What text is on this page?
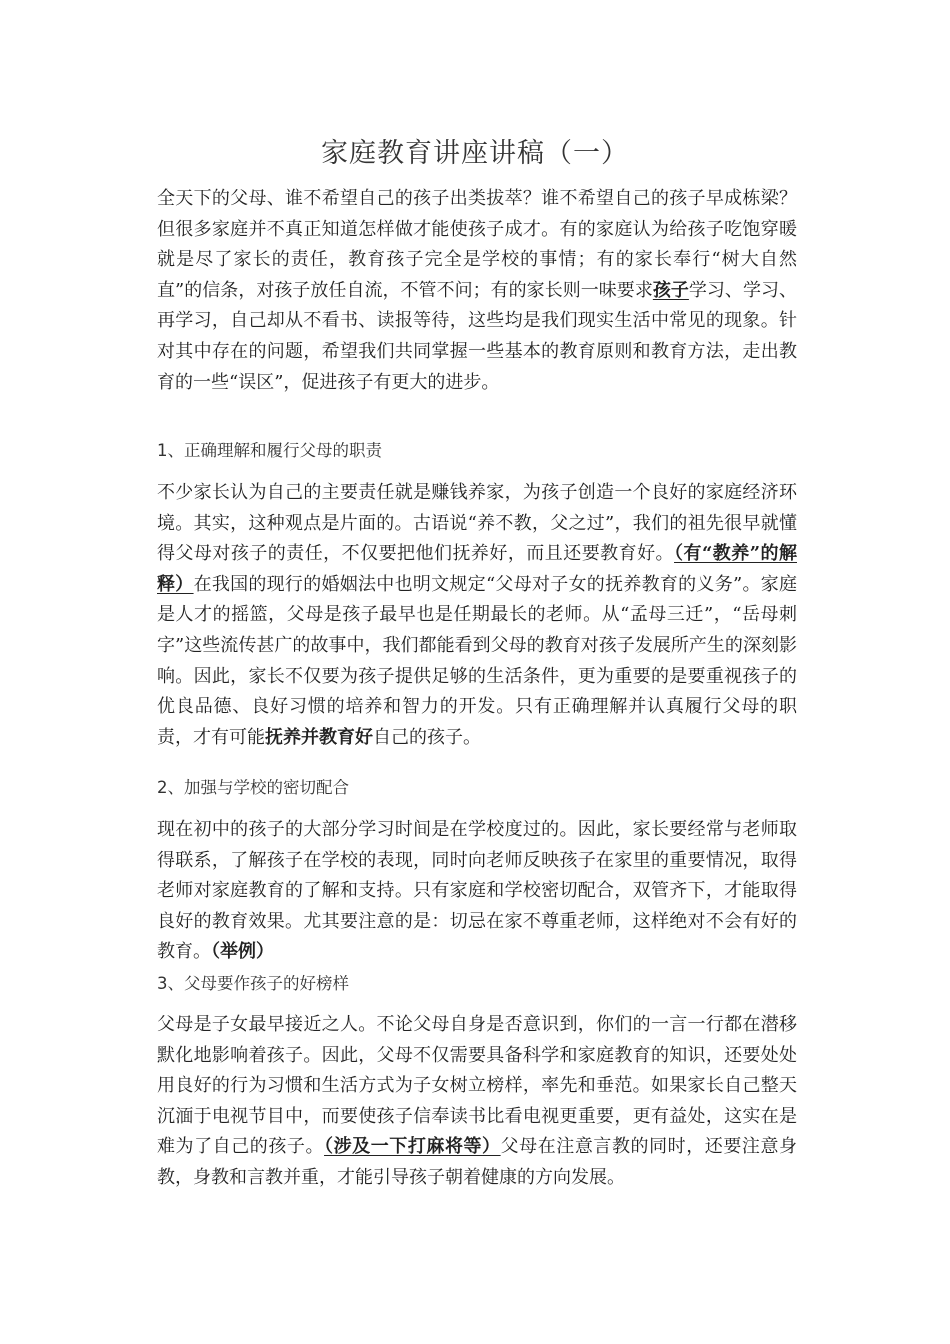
家庭教育讲座讲稿（一）

全天下的父母、谁不希望自己的孩子出类拔萃？谁不希望自己的孩子早成栋梁？但很多家庭并不真正知道怎样做才能使孩子成才。有的家庭认为给孩子吃饱穿暖就是尽了家长的责任，教育孩子完全是学校的事情；有的家长奉行“树大自然直”的信条，对孩子放任自流，不管不问；有的家长则一味要求孩子学习、学习、再学习，自己却从不看书、读报等待，这些均是我们现实生活中常见的现象。针对其中存在的问题，希望我们共同掌握一些基本的教育原则和教育方法，走出教育的一些“误区”，促进孩子有更大的进步。

1、正确理解和履行父母的职责

不少家长认为自己的主要责任就是赚钱养家，为孩子创造一个良好的家庭经济环境。其实，这种观点是片面的。古语说“养不教，父之过”，我们的祖先很早就懂得父母对孩子的责任，不仅要把他们抚养好，而且还要教育好。（有“教养”的解释）在我国的现行的婚姻法中也明文规定“父母对子女的抚养教育的义务”。家庭是人才的摇篮，父母是孩子最早也是任期最长的老师。从“孟母三迁”，“岳母刺字”这些流传甚广的故事中，我们都能看到父母的教育对孩子发展所产生的深刻影响。因此，家长不仅要为孩子提供足够的生活条件，更为重要的是要重视孩子的优良品德、良好习惯的培养和智力的开发。只有正确理解并认真履行父母的职责，才有可能抚养并教育好自己的孩子。

2、加强与学校的密切配合

现在初中的孩子的大部分学习时间是在学校度过的。因此，家长要经常与老师取得联系，了解孩子在学校的表现，同时向老师反映孩子在家里的重要情况，取得老师对家庭教育的了解和支持。只有家庭和学校密切配合，双管齐下，才能取得良好的教育效果。尤其要注意的是：切忌在家不尊重老师，这样绝对不会有好的教育。（举例）

3、父母要作孩子的好榜样

父母是子女最早接近之人。不论父母自身是否意识到，你们的一言一行都在潜移默化地影响着孩子。因此，父母不仅需要具备科学和家庭教育的知识，还要处处用良好的行为习惯和生活方式为子女树立榜样，率先和垂范。如果家长自己整天沉湎于电视节目中，而要使孩子信奉读书比看电视更重要，更有益处，这实在是难为了自己的孩子。（涉及一下打麻将等）父母在注意言教的同时，还要注意身教，身教和言教并重，才能引导孩子朝着健康的方向发展。
